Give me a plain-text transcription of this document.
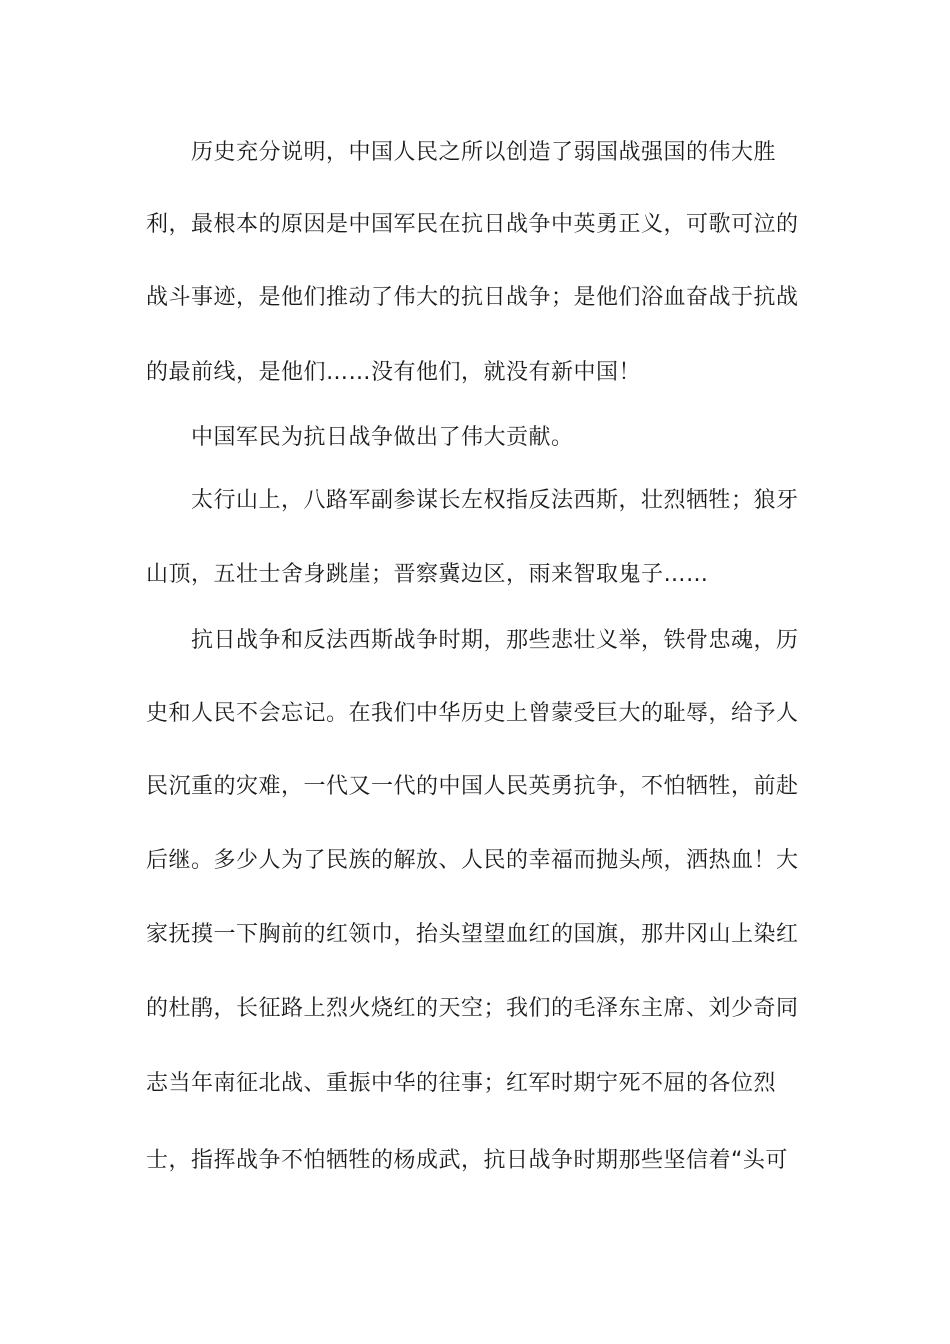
历史充分说明，中国人民之所以创造了弱国战强国的伟大胜
利，最根本的原因是中国军民在抗日战争中英勇正义，可歌可泣的
战斗事迹，是他们推动了伟大的抗日战争；是他们浴血奋战于抗战
的最前线，是他们……没有他们，就没有新中国！
中国军民为抗日战争做出了伟大贡献。
太行山上，八路军副参谋长左权指反法西斯，壮烈牺牲；狼牙
山顶，五壮士舍身跳崖；晋察冀边区，雨来智取鬼子……
抗日战争和反法西斯战争时期，那些悲壮义举，铁骨忠魂，历
史和人民不会忘记。在我们中华历史上曾蒙受巨大的耻辱，给予人
民沉重的灾难，一代又一代的中国人民英勇抗争，不怕牺牲，前赴
后继。多少人为了民族的解放、人民的幸福而抛头颅，洒热血！大
家抚摸一下胸前的红领巾，抬头望望血红的国旗，那井冈山上染红
的杜鹃，长征路上烈火烧红的天空；我们的毛泽东主席、刘少奇同
志当年南征北战、重振中华的往事；红军时期宁死不屈的各位烈
士，指挥战争不怕牺牲的杨成武，抗日战争时期那些坚信着“头可
